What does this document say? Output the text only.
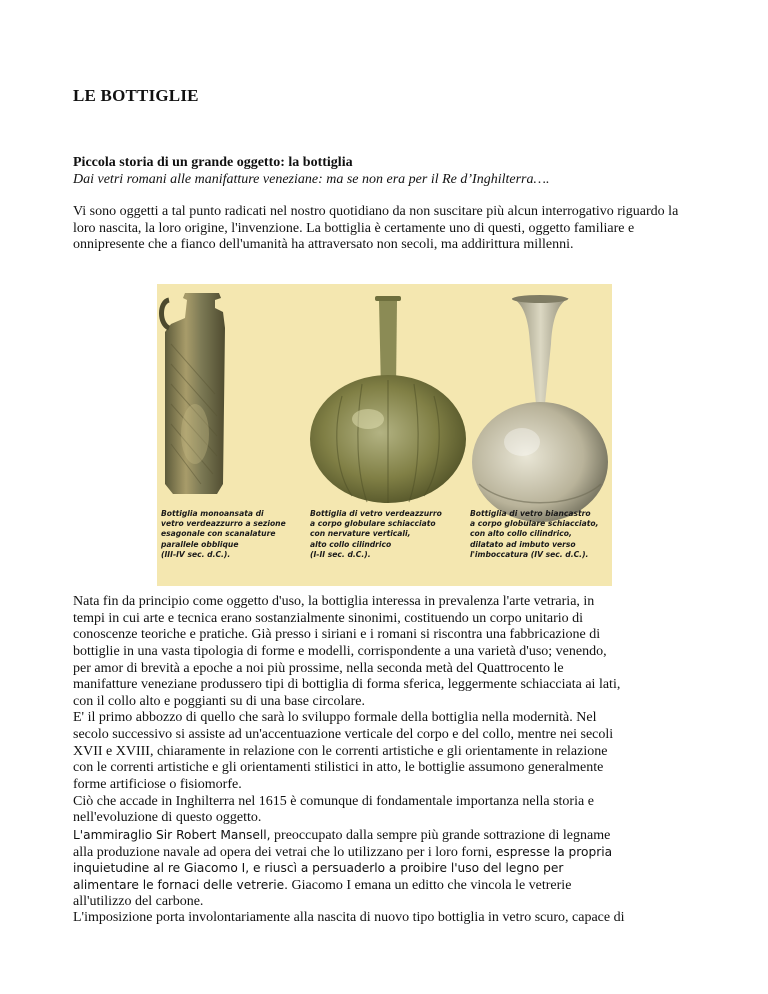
LE BOTTIGLIE
Piccola storia di un grande oggetto: la bottiglia
Dai vetri romani alle manifatture veneziane: ma se non era per il Re d’Inghilterra….
Vi sono oggetti a tal punto radicati nel nostro quotidiano da non suscitare più alcun interrogativo riguardo la loro nascita, la loro origine, l'invenzione. La bottiglia è certamente uno di questi, oggetto familiare e onnipresente che a fianco dell'umanità ha attraversato non secoli, ma addirittura millenni.
Bottiglia monoansata di
vetro verdeazzurro a sezione
esagonale con scanalature
parallele obblique
(III-IV sec. d.C.).
Bottiglia di vetro verdeazzurro
a corpo globulare schiacciato
con nervature verticali,
alto collo cilindrico
(I-II sec. d.C.).
Bottiglia di vetro biancastro
a corpo globulare schiacciato,
con alto collo cilindrico,
dilatato ad imbuto verso
l'imboccatura (IV sec. d.C.).
Nata fin da principio come oggetto d'uso, la bottiglia interessa in prevalenza l'arte vetraria, in
tempi in cui arte e tecnica erano sostanzialmente sinonimi, costituendo un corpo unitario di
conoscenze teoriche e pratiche. Già presso i siriani e i romani si riscontra una fabbricazione di
bottiglie in una vasta tipologia di forme e modelli, corrispondente a una varietà d'uso; venendo,
per amor di brevità a epoche a noi più prossime, nella seconda metà del Quattrocento le
manifatture veneziane produssero tipi di bottiglia di forma sferica, leggermente schiacciata ai lati,
con il collo alto e poggianti su di una base circolare.
E' il primo abbozzo di quello che sarà lo sviluppo formale della bottiglia nella modernità. Nel
secolo successivo si assiste ad un'accentuazione verticale del corpo e del collo, mentre nei secoli
XVII e XVIII, chiaramente in relazione con le correnti artistiche e gli orientamente in relazione
con le correnti artistiche e gli orientamenti stilistici in atto, le bottiglie assumono generalmente
forme artificiose o fisiomorfe.
Ciò che accade in Inghilterra nel 1615 è comunque di fondamentale importanza nella storia e
nell'evoluzione di questo oggetto.
L'ammiraglio Sir Robert Mansell, preoccupato dalla sempre più grande sottrazione di legname
alla produzione navale ad opera dei vetrai che lo utilizzano per i loro forni, espresse la propria
inquietudine al re Giacomo I, e riuscì a persuaderlo a proibire l'uso del legno per
alimentare le fornaci delle vetrerie. Giacomo I emana un editto che vincola le vetrerie
all'utilizzo del carbone.
L'imposizione porta involontariamente alla nascita di nuovo tipo bottiglia in vetro scuro, capace di
